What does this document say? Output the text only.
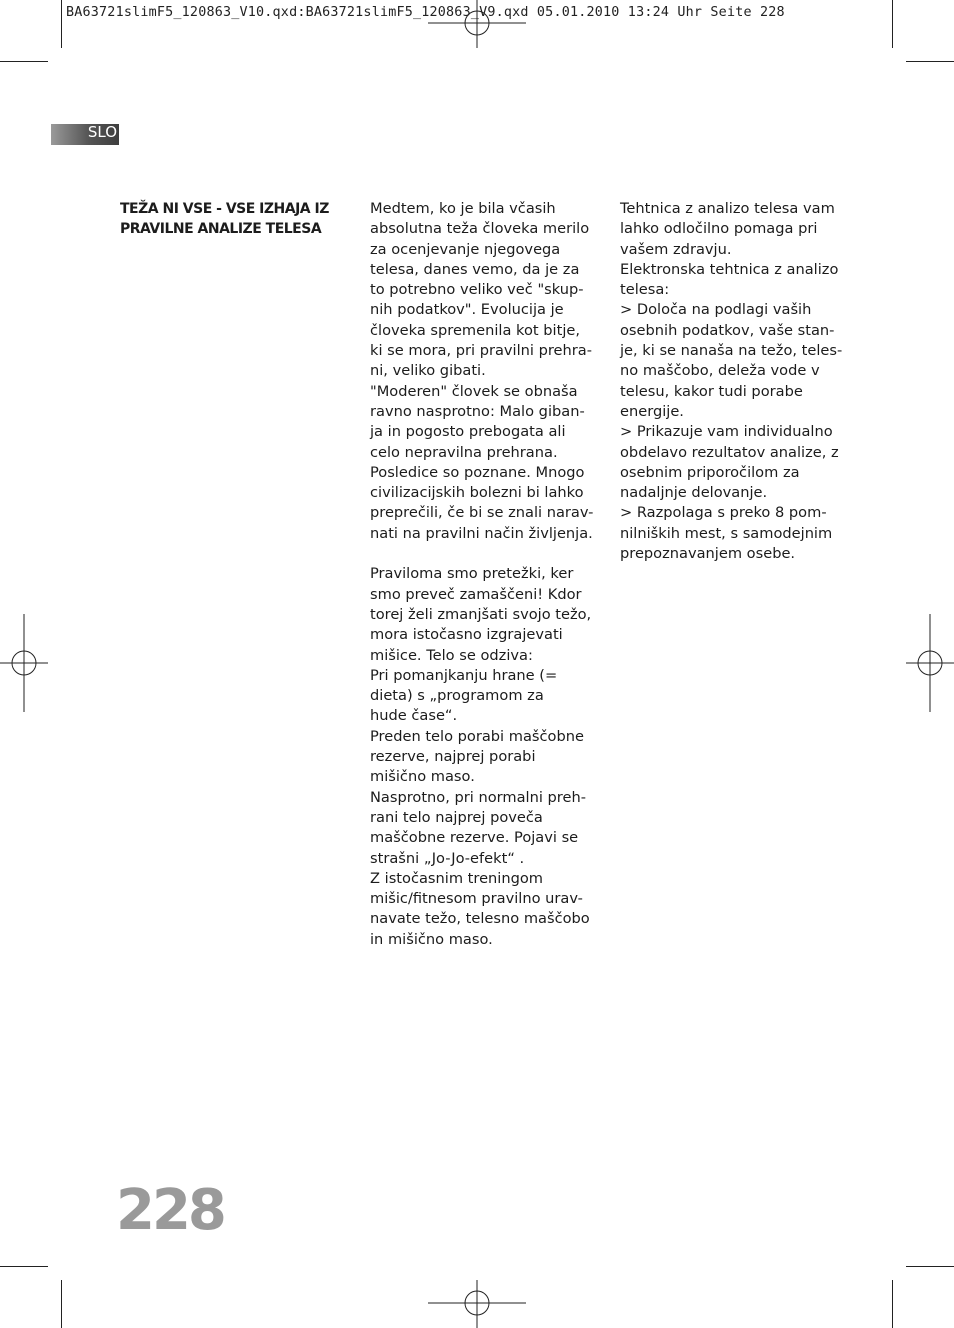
BA63721slimF5_120863_V10.qxd:BA63721slimF5_120863_V9.qxd 05.01.2010 13:24 Uhr Seite 228
SLO

TEŽA NI VSE - VSE IZHAJA IZ

PRAVILNE ANALIZE TELESA

Medtem, ko je bila včasih
absolutna teža človeka merilo
za ocenjevanje njegovega
telesa, danes vemo, da je za
to potrebno veliko več "skup-
nih podatkov". Evolucija je
človeka spremenila kot bitje,
ki se mora, pri pravilni prehra-
ni, veliko gibati.
"Moderen" človek se obnaša
ravno nasprotno: Malo giban-
ja in pogosto prebogata ali
celo nepravilna prehrana.
Posledice so poznane. Mnogo
civilizacijskih bolezni bi lahko
preprečili, če bi se znali narav-
nati na pravilni način življenja.

Praviloma smo pretežki, ker
smo preveč zamaščeni! Kdor
torej želi zmanjšati svojo težo,
mora istočasno izgrajevati
mišice. Telo se odziva:
Pri pomanjkanju hrane (=
dieta) s „programom za
hude čase“.
Preden telo porabi maščobne
rezerve, najprej porabi
mišično maso.
Nasprotno, pri normalni preh-
rani telo najprej poveča
maščobne rezerve. Pojavi se
strašni „Jo-Jo-efekt“ .
Z istočasnim treningom
mišic/fitnesom pravilno urav-
navate težo, telesno maščobo
in mišično maso.

Tehtnica z analizo telesa vam
lahko odločilno pomaga pri
vašem zdravju.
Elektronska tehtnica z analizo
telesa:

> Določa na podlagi vaših
osebnih podatkov, vaše stan-
je, ki se nanaša na težo, teles-
no maščobo, deleža vode v
telesu, kakor tudi porabe
energije.

> Prikazuje vam individualno
obdelavo rezultatov analize, z
osebnim priporočilom za
nadaljnje delovanje.

> Razpolaga s preko 8 pom-
nilniških mest, s samodejnim
prepoznavanjem osebe.

228
